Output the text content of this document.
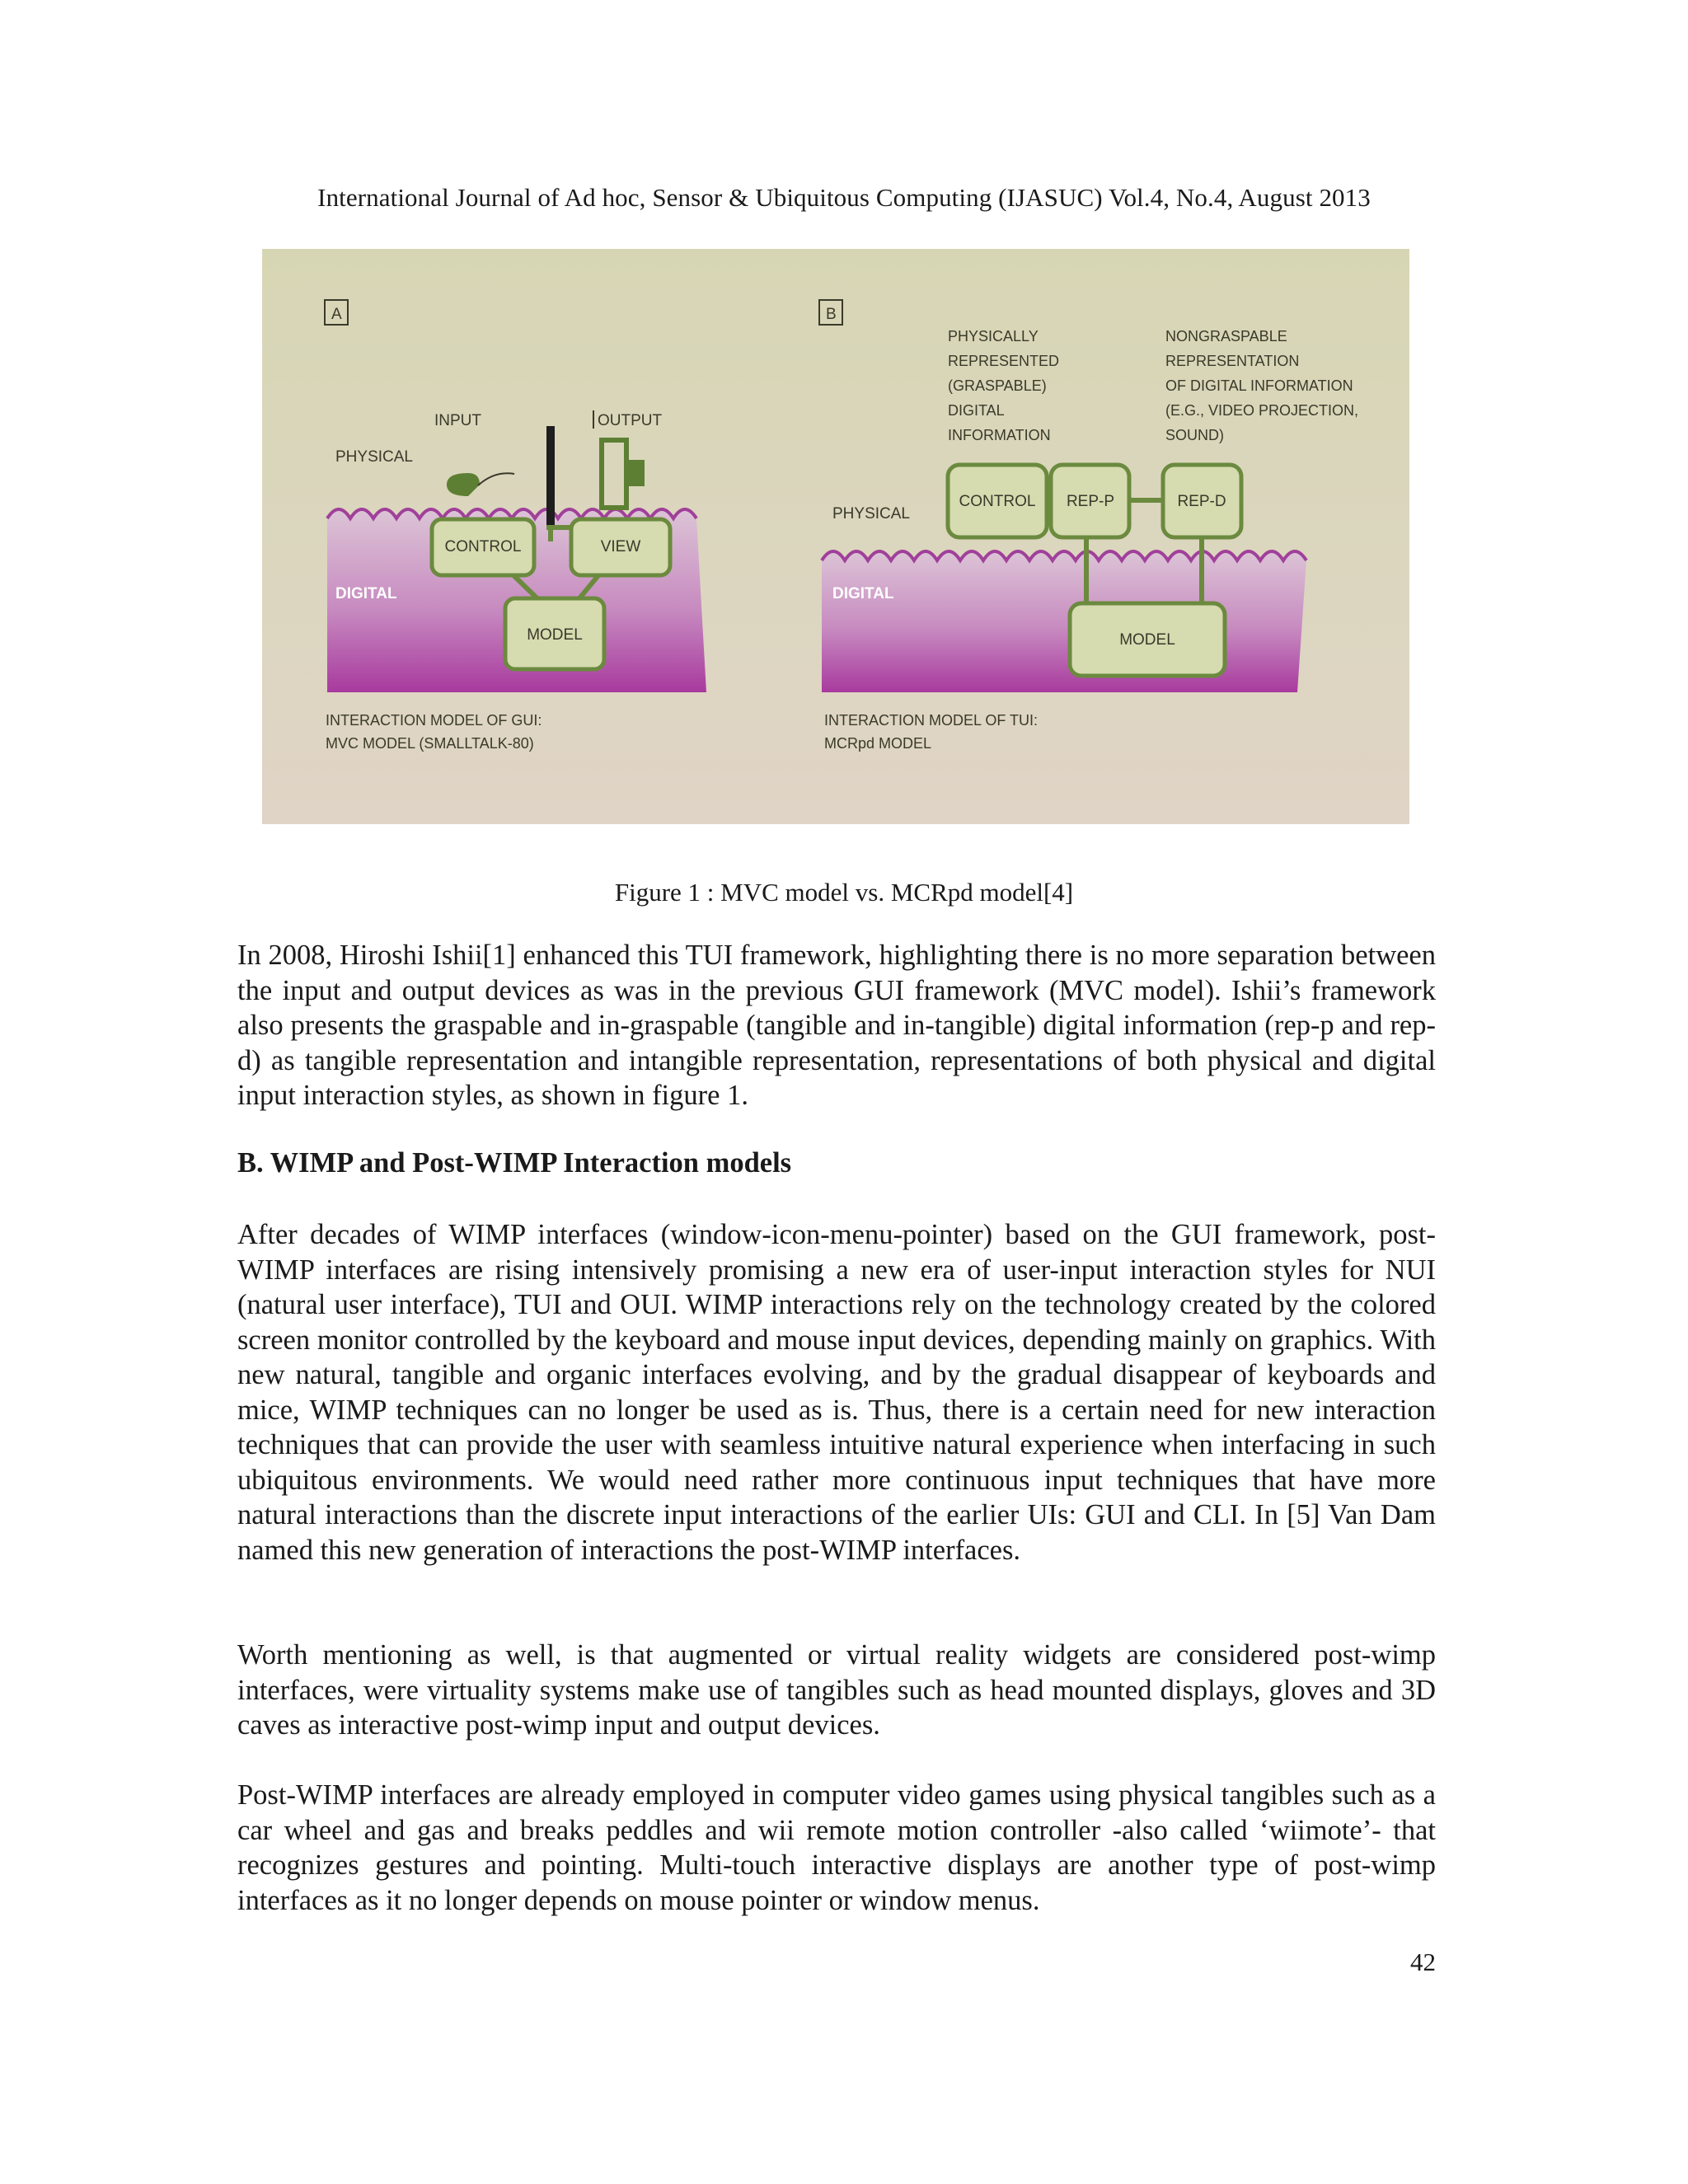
International Journal of Ad hoc, Sensor & Ubiquitous Computing (IJASUC) Vol.4, No.4, August 2013
A
INPUT	OUTPUT
PHYSICAL
DIGITAL
CONTROL	VIEW
MODEL
INTERACTION MODEL OF GUI:
MVC MODEL (SMALLTALK-80)
B
PHYSICALLY
REPRESENTED
(GRASPABLE)
DIGITAL
INFORMATION
NONGRASPABLE
REPRESENTATION
OF DIGITAL INFORMATION
(E.G., VIDEO PROJECTION,
SOUND)
PHYSICAL
DIGITAL
CONTROL REP-P	REP-D
MODEL
INTERACTION MODEL OF TUI:
MCRpd MODEL
Figure 1 : MVC model vs. MCRpd model[4]

In 2008, Hiroshi Ishii[1] enhanced this TUI framework, highlighting there is no more separation between the input and output devices as was in the previous GUI framework (MVC model). Ishii’s framework also presents the graspable and in-graspable (tangible and in-tangible) digital information (rep-p and rep-d) as tangible representation and intangible representation, representations of both physical and digital input interaction styles, as shown in figure 1.

B. WIMP and Post-WIMP Interaction models

After decades of WIMP interfaces (window-icon-menu-pointer) based on the GUI framework, post-WIMP interfaces are rising intensively promising a new era of user-input interaction styles for NUI (natural user interface), TUI and OUI. WIMP interactions rely on the technology created by the colored screen monitor controlled by the keyboard and mouse input devices, depending mainly on graphics. With new natural, tangible and organic interfaces evolving, and by the gradual disappear of keyboards and mice, WIMP techniques can no longer be used as is. Thus, there is a certain need for new interaction techniques that can provide the user with seamless intuitive natural experience when interfacing in such ubiquitous environments. We would need rather more continuous input techniques that have more natural interactions than the discrete input interactions of the earlier UIs: GUI and CLI. In [5] Van Dam named this new generation of interactions the post-WIMP interfaces.

Worth mentioning as well, is that augmented or virtual reality widgets are considered post-wimp interfaces, were virtuality systems make use of tangibles such as head mounted displays, gloves and 3D caves as interactive post-wimp input and output devices.

Post-WIMP interfaces are already employed in computer video games using physical tangibles such as a car wheel and gas and breaks peddles and wii remote motion controller -also called ‘wiimote’- that recognizes gestures and pointing. Multi-touch interactive displays are another type of post-wimp interfaces as it no longer depends on mouse pointer or window menus.

42
